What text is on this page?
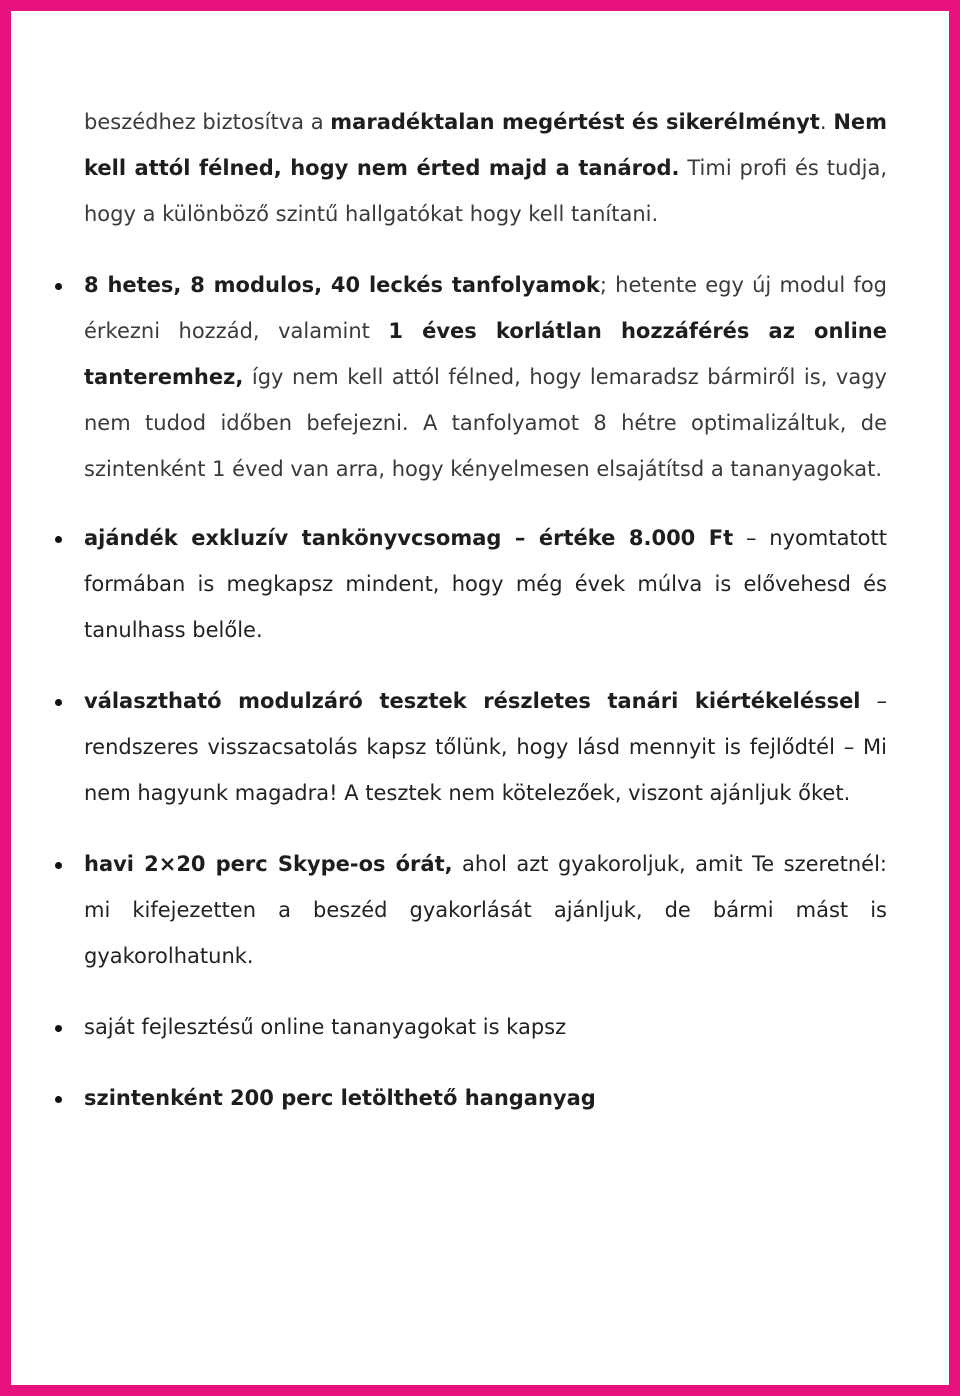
beszédhez biztosítva a maradéktalan megértést és sikerélményt. Nem kell attól félned, hogy nem érted majd a tanárod. Timi profi és tudja, hogy a különböző szintű hallgatókat hogy kell tanítani.

8 hetes, 8 modulos, 40 leckés tanfolyamok; hetente egy új modul fog érkezni hozzád, valamint 1 éves korlátlan hozzáférés az online tanteremhez, így nem kell attól félned, hogy lemaradsz bármiről is, vagy nem tudod időben befejezni. A tanfolyamot 8 hétre optimalizáltuk, de szintenként 1 éved van arra, hogy kényelmesen elsajátítsd a tananyagokat.

ajándék exkluzív tankönyvcsomag – értéke 8.000 Ft – nyomtatott formában is megkapsz mindent, hogy még évek múlva is elővehesd és tanulhass belőle.

választható modulzáró tesztek részletes tanári kiértékeléssel – rendszeres visszacsatolás kapsz tőlünk, hogy lásd mennyit is fejlődtél – Mi nem hagyunk magadra! A tesztek nem kötelezőek, viszont ajánljuk őket.

havi 2×20 perc Skype-os órát, ahol azt gyakoroljuk, amit Te szeretnél: mi kifejezetten a beszéd gyakorlását ajánljuk, de bármi mást is gyakorolhatunk.

saját fejlesztésű online tananyagokat is kapsz

szintenként 200 perc letölthető hanganyag
